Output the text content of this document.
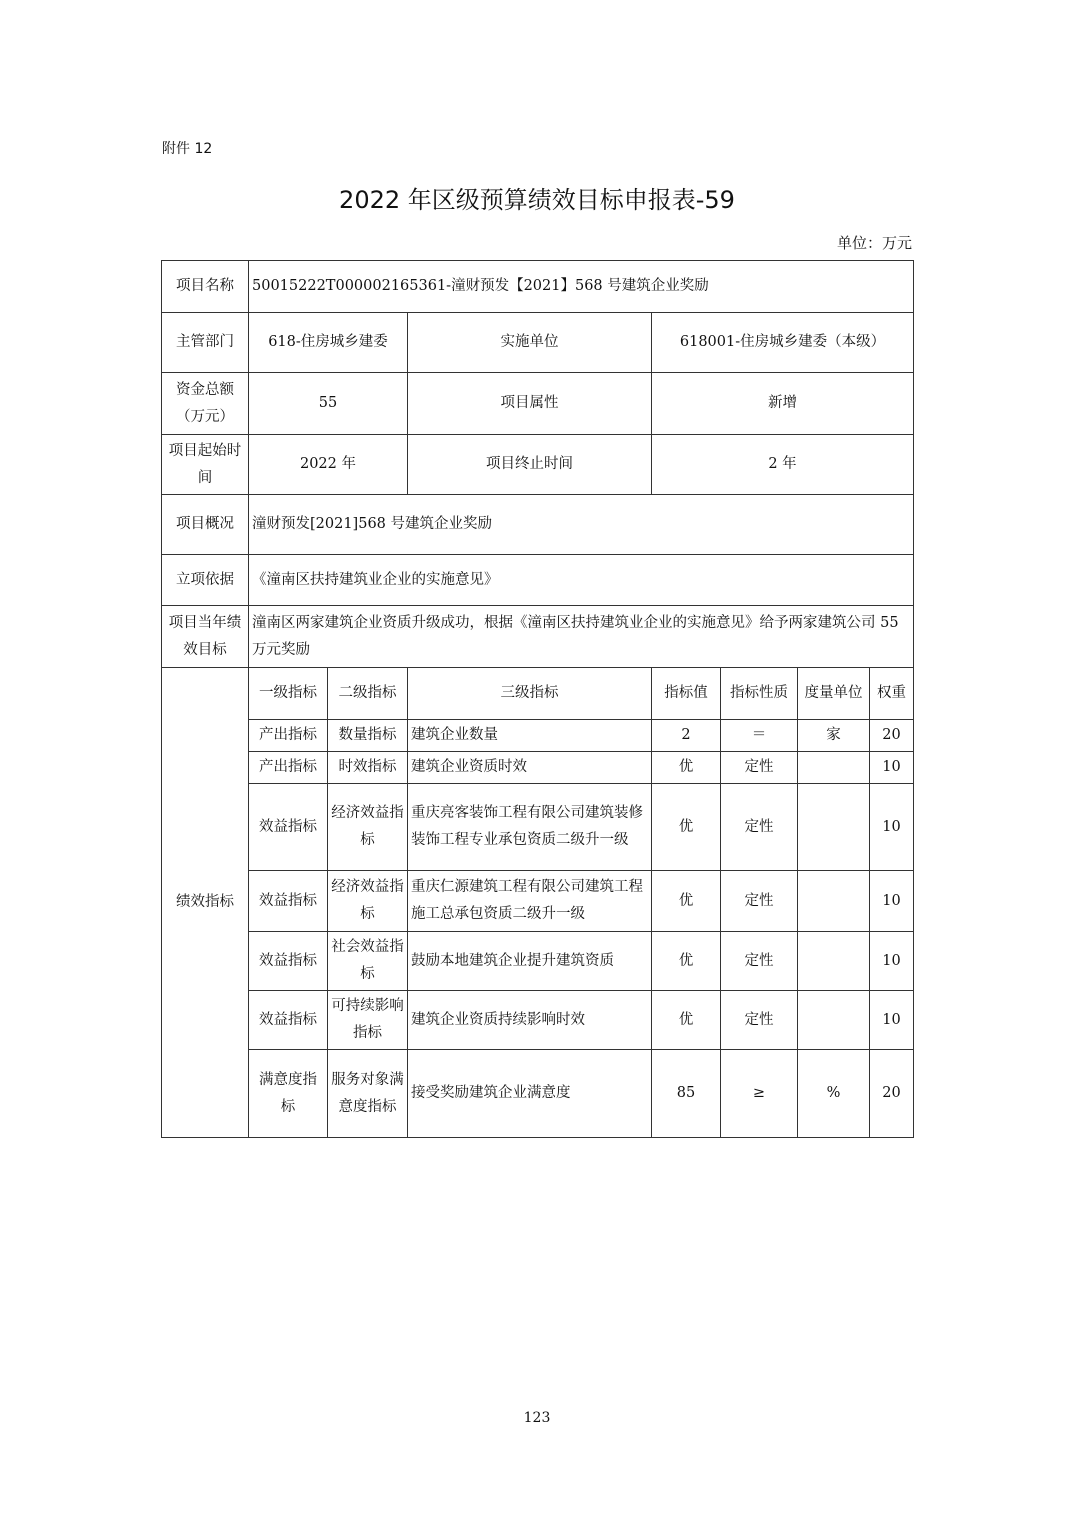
附件 12
2022 年区级预算绩效目标申报表-59
单位：万元
项目名称	50015222T000002165361-潼财预发【2021】568 号建筑企业奖励						
主管部门	618-住房城乡建委		实施单位	618001-住房城乡建委（本级）			
资金总额（万元）	55		项目属性	新增			
项目起始时间	2022 年		项目终止时间	2 年			
项目概况	潼财预发[2021]568 号建筑企业奖励						
立项依据	《潼南区扶持建筑业企业的实施意见》						
项目当年绩效目标	潼南区两家建筑企业资质升级成功，根据《潼南区扶持建筑业企业的实施意见》给予两家建筑公司 55 万元奖励						
绩效指标	一级指标	二级指标	三级指标	指标值	指标性质	度量单位	权重
	产出指标	数量指标	建筑企业数量	2	＝	家	20
	产出指标	时效指标	建筑企业资质时效	优	定性		10
	效益指标	经济效益指标	重庆亮客装饰工程有限公司建筑装修装饰工程专业承包资质二级升一级	优	定性		10
	效益指标	经济效益指标	重庆仁源建筑工程有限公司建筑工程施工总承包资质二级升一级	优	定性		10
	效益指标	社会效益指标	鼓励本地建筑企业提升建筑资质	优	定性		10
	效益指标	可持续影响指标	建筑企业资质持续影响时效	优	定性		10
	满意度指标	服务对象满意度指标	接受奖励建筑企业满意度	85	≥	%	20
123
